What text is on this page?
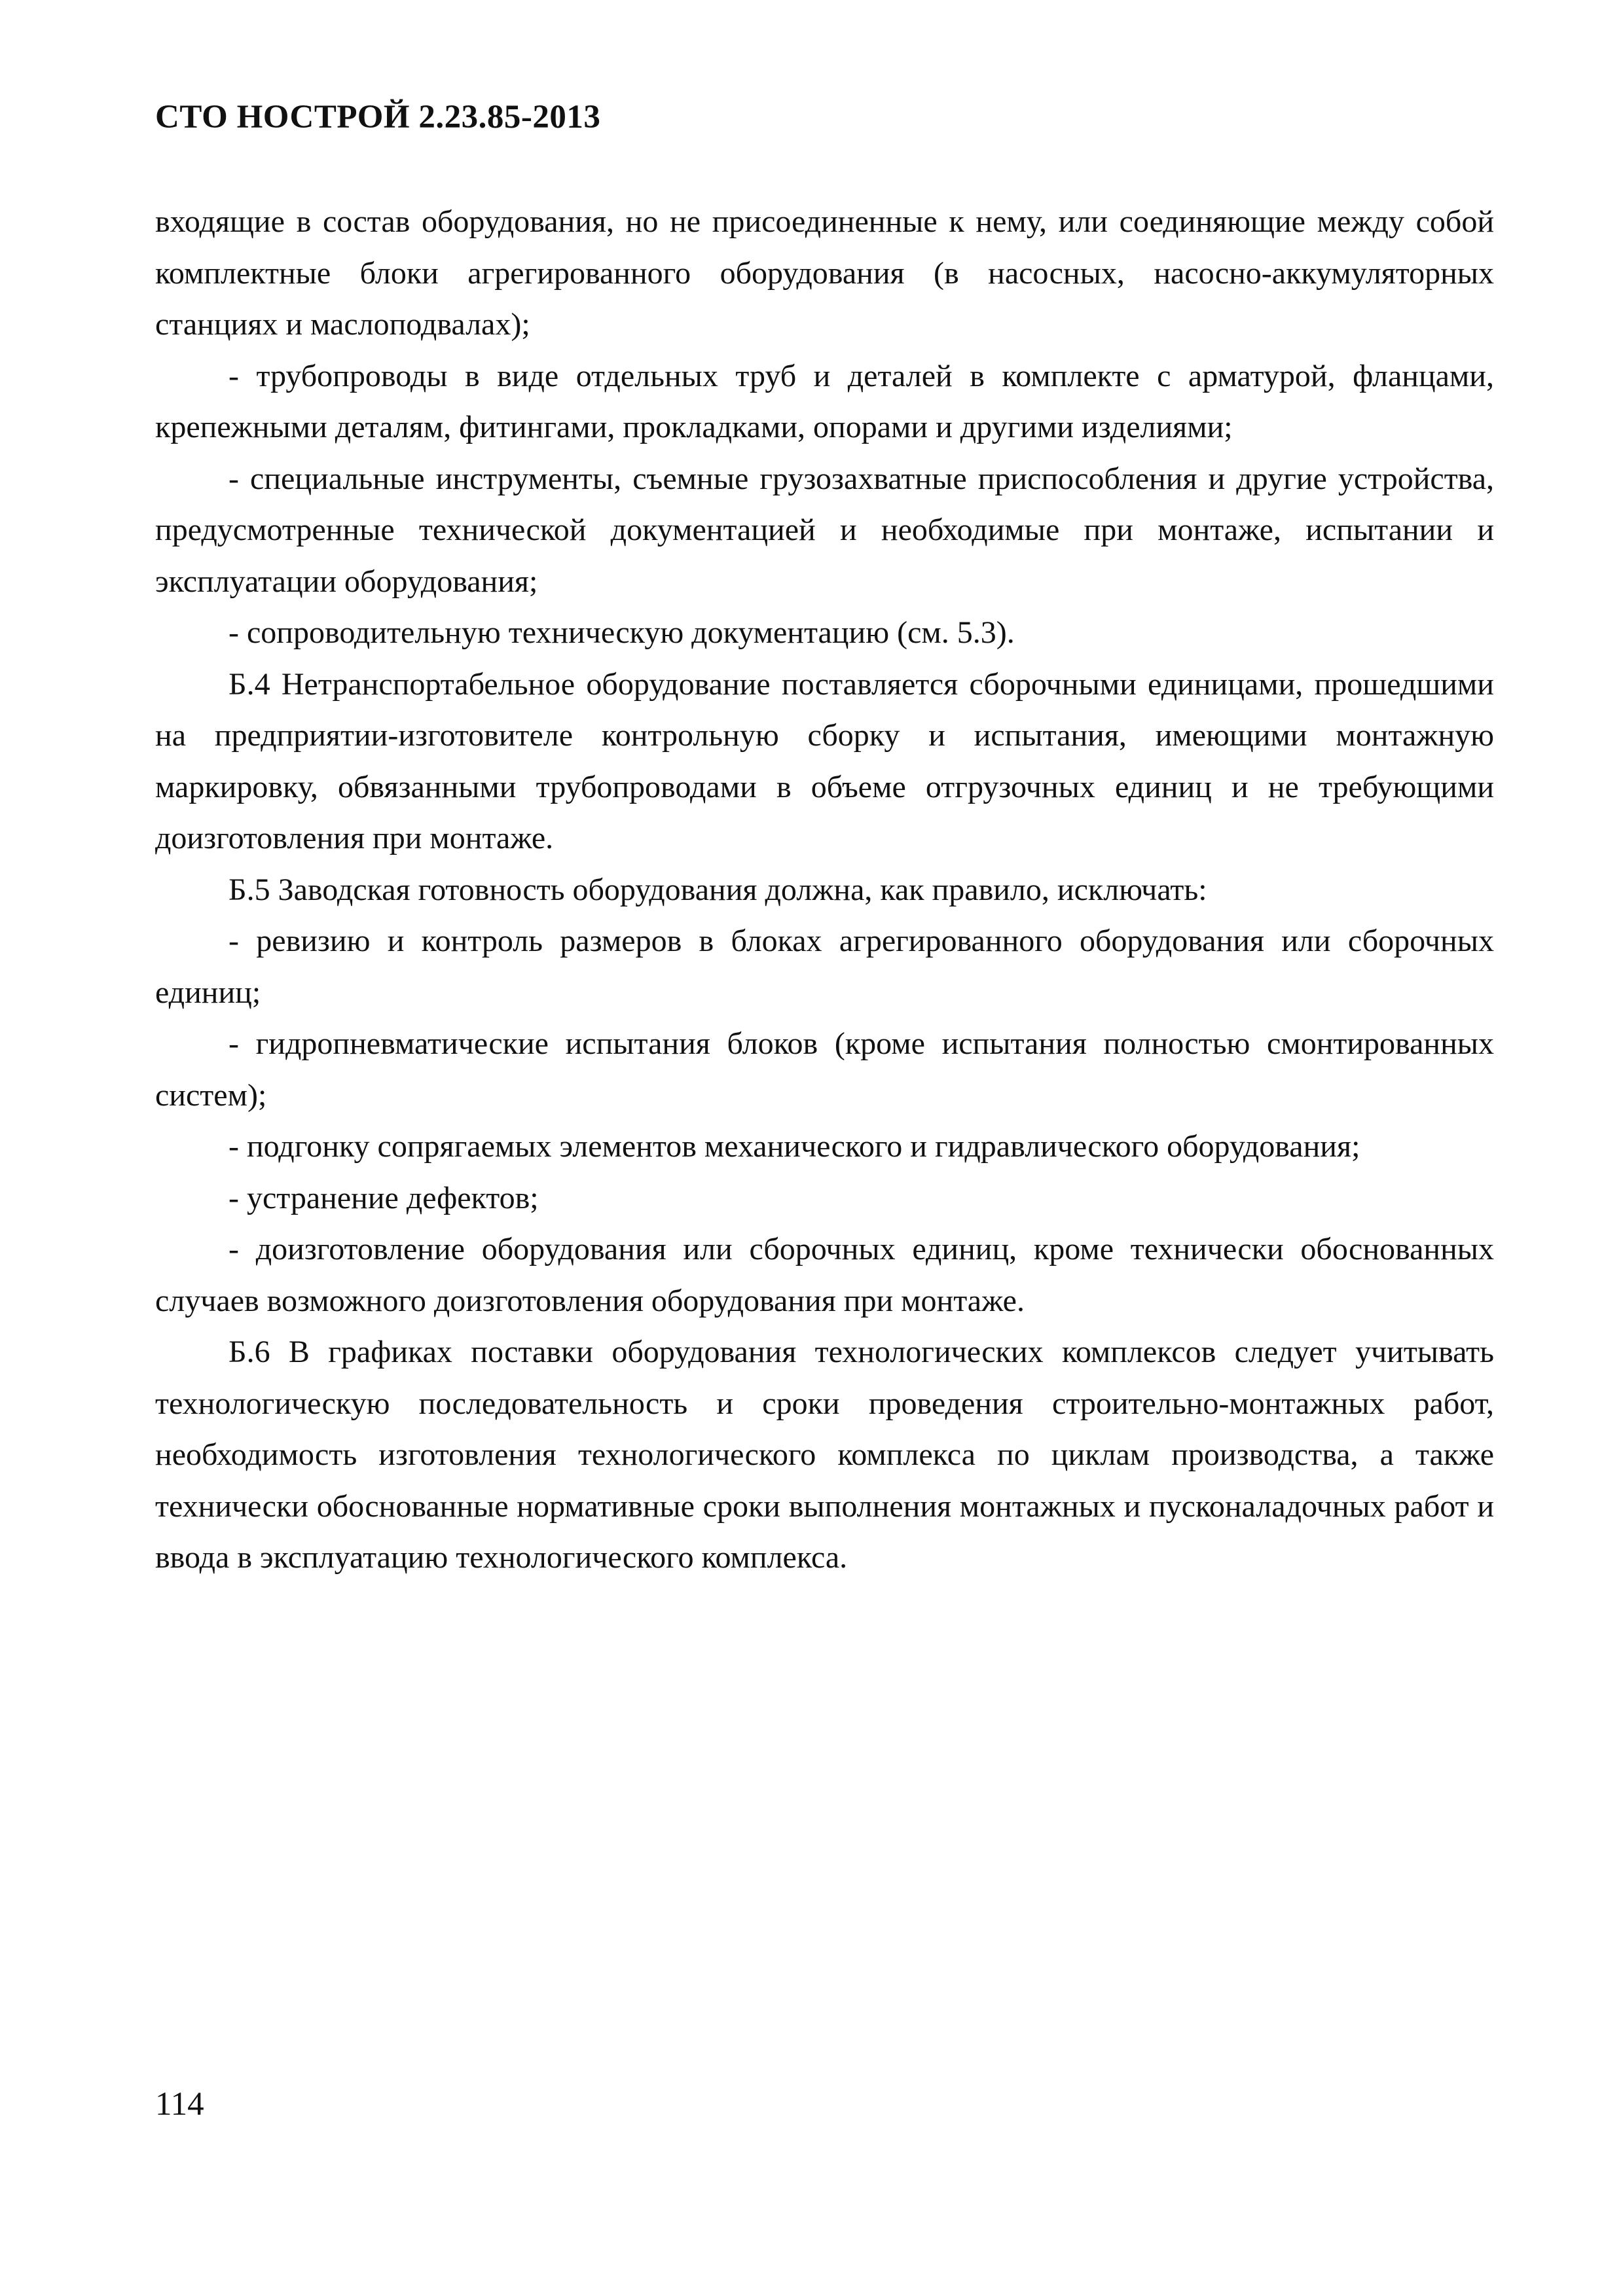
СТО НОСТРОЙ 2.23.85-2013

входящие в состав оборудования, но не присоединенные к нему, или соединяющие между собой комплектные блоки агрегированного оборудования (в насосных, насосно-аккумуляторных станциях и маслоподвалах);

- трубопроводы в виде отдельных труб и деталей в комплекте с арматурой, фланцами, крепежными деталям, фитингами, прокладками, опорами и другими изделиями;

- специальные инструменты, съемные грузозахватные приспособления и другие устройства, предусмотренные технической документацией и необходимые при монтаже, испытании и эксплуатации оборудования;

- сопроводительную техническую документацию (см. 5.3).

Б.4 Нетранспортабельное оборудование поставляется сборочными единицами, прошедшими на предприятии-изготовителе контрольную сборку и испытания, имеющими монтажную маркировку, обвязанными трубопроводами в объеме отгрузочных единиц и не требующими доизготовления при монтаже.

Б.5 Заводская готовность оборудования должна, как правило, исключать:

- ревизию и контроль размеров в блоках агрегированного оборудования или сборочных единиц;

- гидропневматические испытания блоков (кроме испытания полностью смонтированных систем);

- подгонку сопрягаемых элементов механического и гидравлического оборудования;

- устранение дефектов;

- доизготовление оборудования или сборочных единиц, кроме технически обоснованных случаев возможного доизготовления оборудования при монтаже.

Б.6 В графиках поставки оборудования технологических комплексов следует учитывать технологическую последовательность и сроки проведения строительно-монтажных работ, необходимость изготовления технологического комплекса по циклам производства, а также технически обоснованные нормативные сроки выполнения монтажных и пусконаладочных работ и ввода в эксплуатацию технологического комплекса.

114
